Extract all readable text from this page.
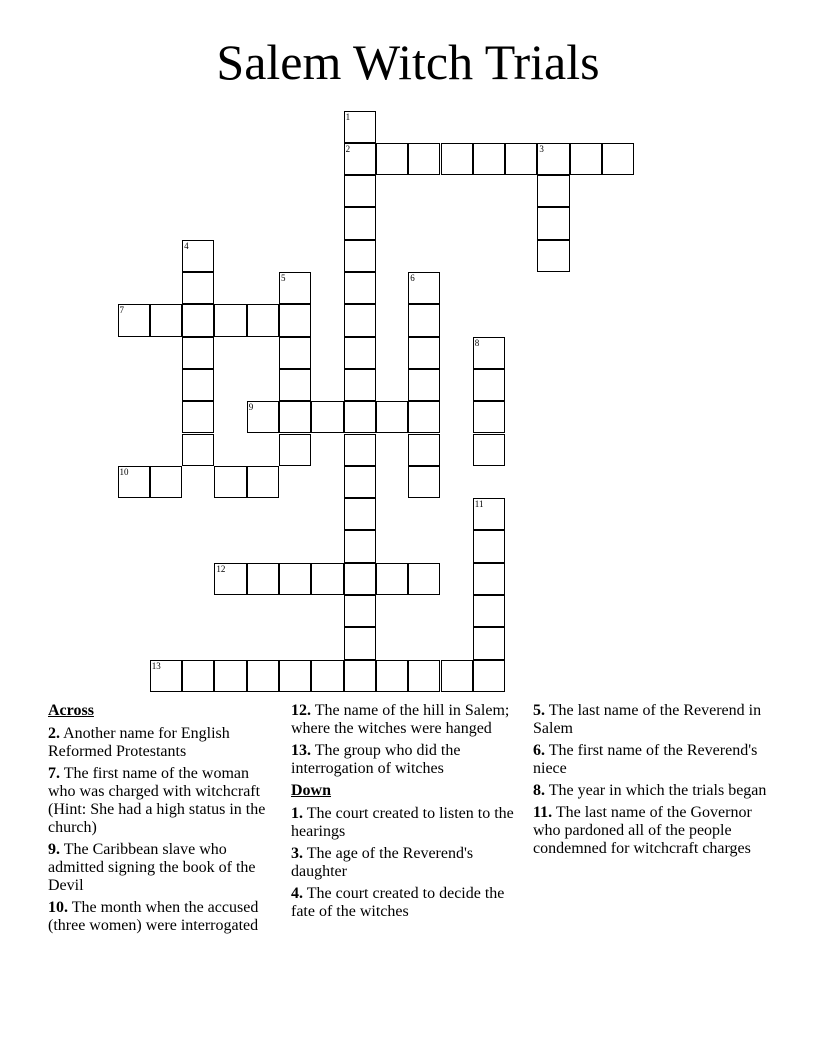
Salem Witch Trials
1
2	3
4
5	6
7
8
9
10
11
12
13
Across
2. Another name for English Reformed Protestants
7. The first name of the woman who was charged with witchcraft (Hint: She had a high status in the church)
9. The Caribbean slave who admitted signing the book of the Devil
10. The month when the accused (three women) were interrogated
12. The name of the hill in Salem; where the witches were hanged
13. The group who did the interrogation of witches
Down
1. The court created to listen to the hearings
3. The age of the Reverend's daughter
4. The court created to decide the fate of the witches
5. The last name of the Reverend in Salem
6. The first name of the Reverend's niece
8. The year in which the trials began
11. The last name of the Governor who pardoned all of the people condemned for witchcraft charges
